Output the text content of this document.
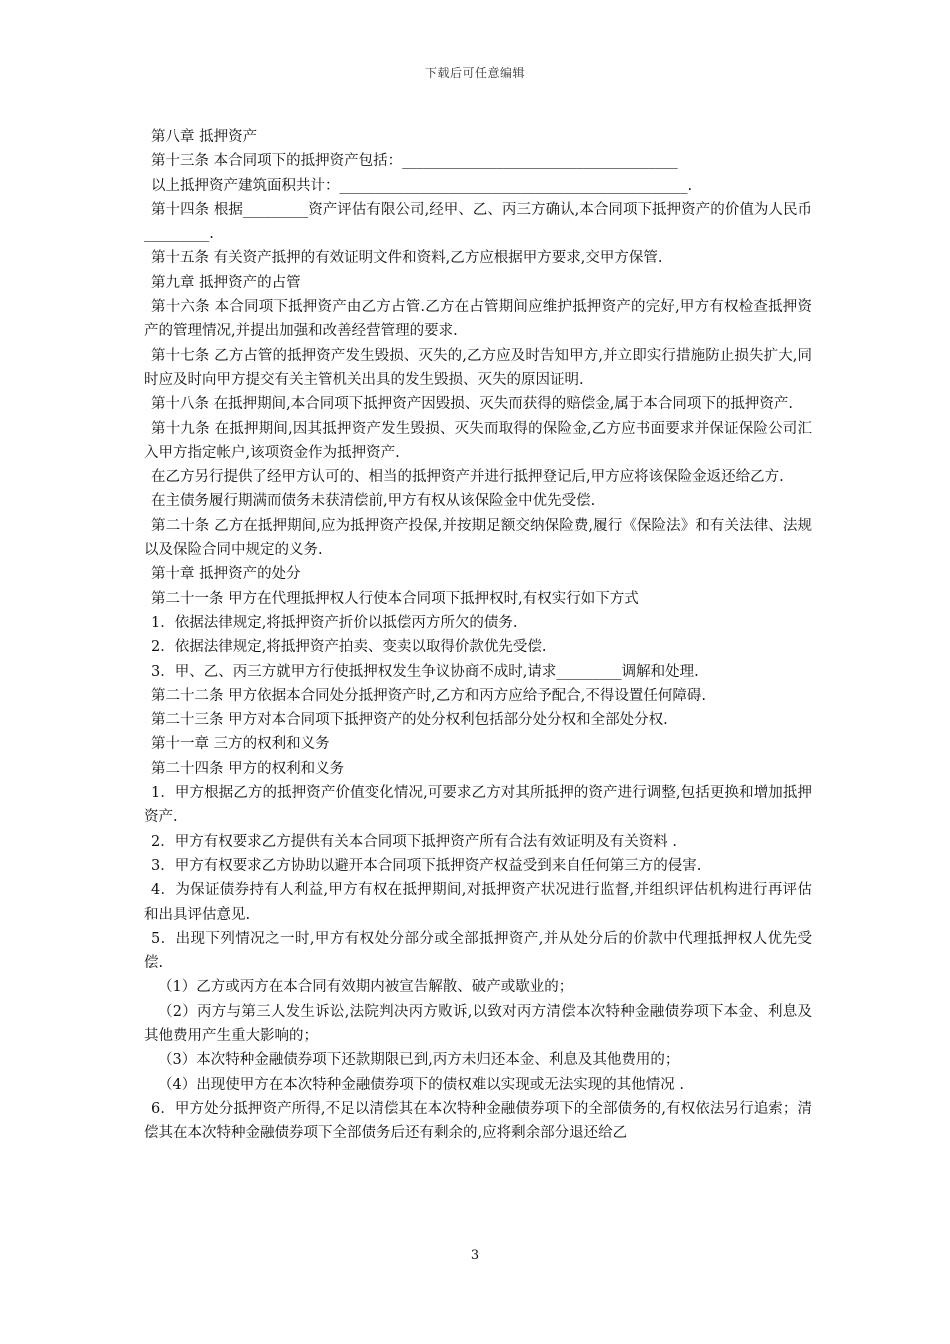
下载后可任意编辑

第八章 抵押资产

第十三条 本合同项下的抵押资产包括：______________________________________

以上抵押资产建筑面积共计：________________________________________________.

第十四条 根据_________资产评估有限公司,经甲、乙、丙三方确认,本合同项下抵押资产的价值为人民币_________.

第十五条 有关资产抵押的有效证明文件和资料,乙方应根据甲方要求,交甲方保管.

第九章 抵押资产的占管

第十六条 本合同项下抵押资产由乙方占管.乙方在占管期间应维护抵押资产的完好,甲方有权检查抵押资产的管理情况,并提出加强和改善经营管理的要求.

第十七条 乙方占管的抵押资产发生毁损、灭失的,乙方应及时告知甲方,并立即实行措施防止损失扩大,同时应及时向甲方提交有关主管机关出具的发生毁损、灭失的原因证明.

第十八条 在抵押期间,本合同项下抵押资产因毁损、灭失而获得的赔偿金,属于本合同项下的抵押资产.

第十九条 在抵押期间,因其抵押资产发生毁损、灭失而取得的保险金,乙方应书面要求并保证保险公司汇入甲方指定帐户,该项资金作为抵押资产.

在乙方另行提供了经甲方认可的、相当的抵押资产并进行抵押登记后,甲方应将该保险金返还给乙方.

在主债务履行期满而债务未获清偿前,甲方有权从该保险金中优先受偿.

第二十条 乙方在抵押期间,应为抵押资产投保,并按期足额交纳保险费,履行《保险法》和有关法律、法规以及保险合同中规定的义务.

第十章 抵押资产的处分

第二十一条 甲方在代理抵押权人行使本合同项下抵押权时,有权实行如下方式

1．依据法律规定,将抵押资产折价以抵偿丙方所欠的债务.

2．依据法律规定,将抵押资产拍卖、变卖以取得价款优先受偿.

3．甲、乙、丙三方就甲方行使抵押权发生争议协商不成时,请求_________调解和处理.

第二十二条 甲方依据本合同处分抵押资产时,乙方和丙方应给予配合,不得设置任何障碍.

第二十三条 甲方对本合同项下抵押资产的处分权利包括部分处分权和全部处分权.

第十一章 三方的权利和义务

第二十四条 甲方的权利和义务

1．甲方根据乙方的抵押资产价值变化情况,可要求乙方对其所抵押的资产进行调整,包括更换和增加抵押资产.

2．甲方有权要求乙方提供有关本合同项下抵押资产所有合法有效证明及有关资料 .

3．甲方有权要求乙方协助以避开本合同项下抵押资产权益受到来自任何第三方的侵害.

4．为保证债券持有人利益,甲方有权在抵押期间,对抵押资产状况进行监督,并组织评估机构进行再评估和出具评估意见.

5．出现下列情况之一时,甲方有权处分部分或全部抵押资产,并从处分后的价款中代理抵押权人优先受偿.

（1）乙方或丙方在本合同有效期内被宣告解散、破产或歇业的；

（2）丙方与第三人发生诉讼,法院判决丙方败诉,以致对丙方清偿本次特种金融债券项下本金、利息及其他费用产生重大影响的；

（3）本次特种金融债券项下还款期限已到,丙方未归还本金、利息及其他费用的；

（4）出现使甲方在本次特种金融债券项下的债权难以实现或无法实现的其他情况 .

6．甲方处分抵押资产所得,不足以清偿其在本次特种金融债券项下的全部债务的,有权依法另行追索；清偿其在本次特种金融债券项下全部债务后还有剩余的,应将剩余部分退还给乙

3
